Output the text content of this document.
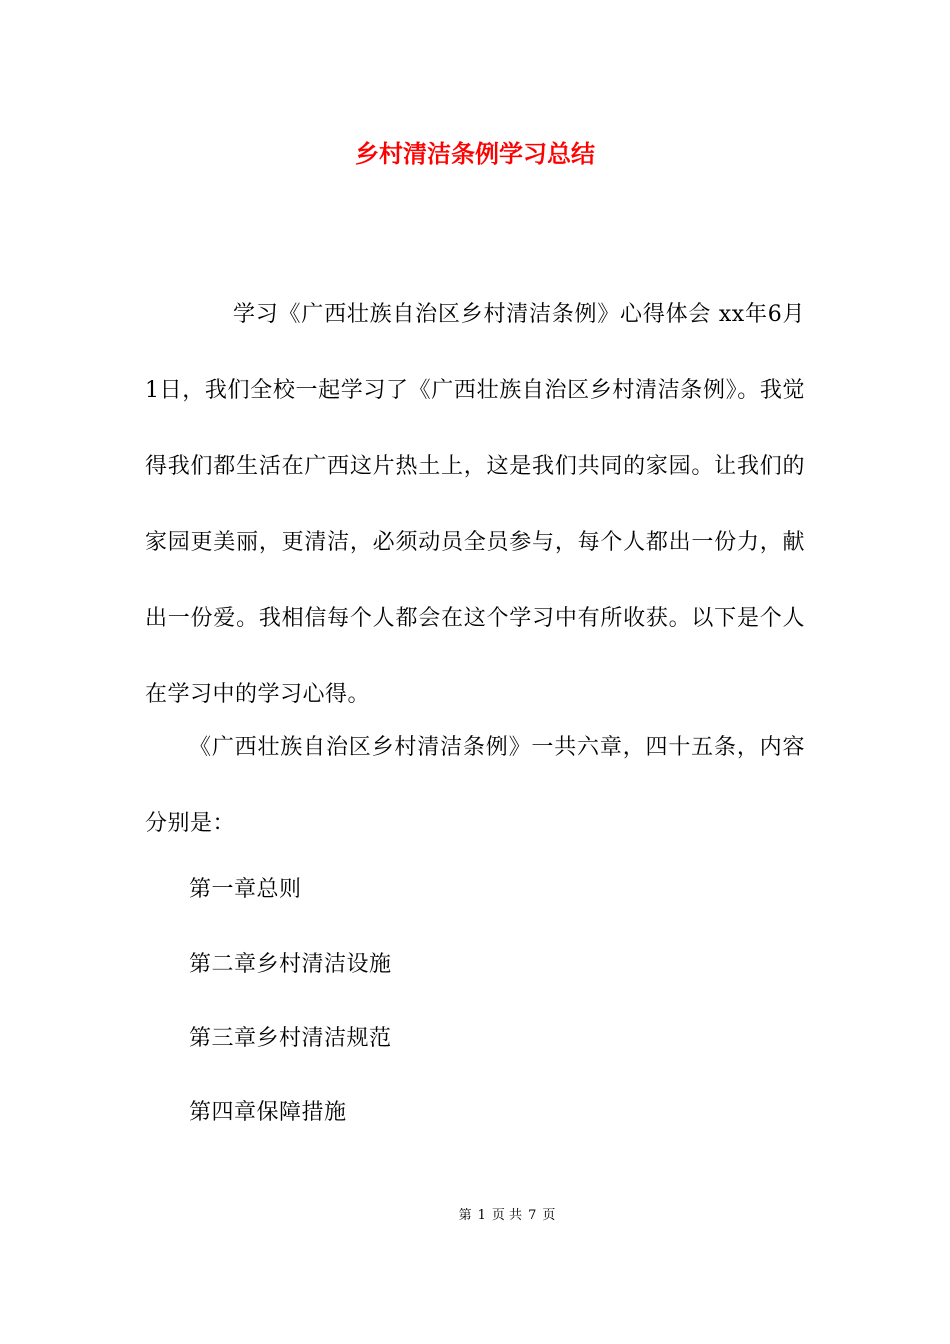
乡村清洁条例学习总结
学习《广西壮族自治区乡村清洁条例》心得体会 xx年6月1日，我们全校一起学习了《广西壮族自治区乡村清洁条例》。我觉得我们都生活在广西这片热土上，这是我们共同的家园。让我们的家园更美丽，更清洁，必须动员全员参与，每个人都出一份力，献出一份爱。我相信每个人都会在这个学习中有所收获。以下是个人在学习中的学习心得。
《广西壮族自治区乡村清洁条例》一共六章，四十五条，内容分别是：
第一章总则
第二章乡村清洁设施
第三章乡村清洁规范
第四章保障措施
第 1 页 共 7 页
